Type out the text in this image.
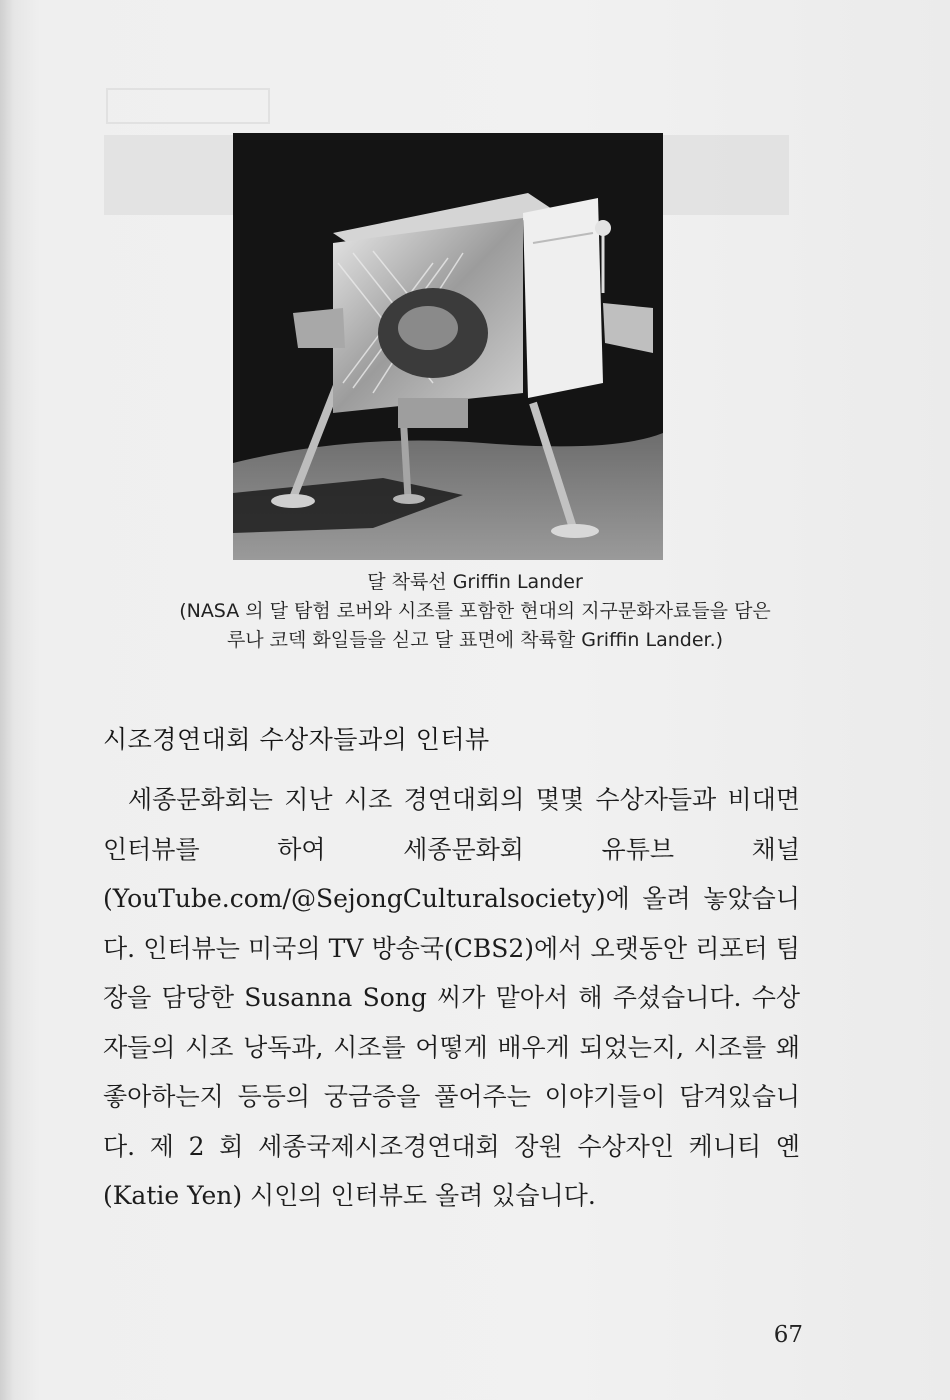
달 착륙선 Griffin Lander
(NASA 의 달 탐험 로버와 시조를 포함한 현대의 지구문화자료들을 담은
루나 코덱 화일들을 싣고 달 표면에 착륙할 Griffin Lander.)
시조경연대회 수상자들과의 인터뷰

세종문화회는 지난 시조 경연대회의 몇몇 수상자들과 비대면 인터뷰를 하여 세종문화회 유튜브 채널(YouTube.com/@SejongCulturalsociety)에 올려 놓았습니다. 인터뷰는 미국의 TV 방송국(CBS2)에서 오랫동안 리포터 팀장을 담당한 Susanna Song 씨가 맡아서 해 주셨습니다. 수상자들의 시조 낭독과, 시조를 어떻게 배우게 되었는지, 시조를 왜 좋아하는지 등등의 궁금증을 풀어주는 이야기들이 담겨있습니다. 제 2 회 세종국제시조경연대회 장원 수상자인 케니티 옌(Katie Yen) 시인의 인터뷰도 올려 있습니다.

67
